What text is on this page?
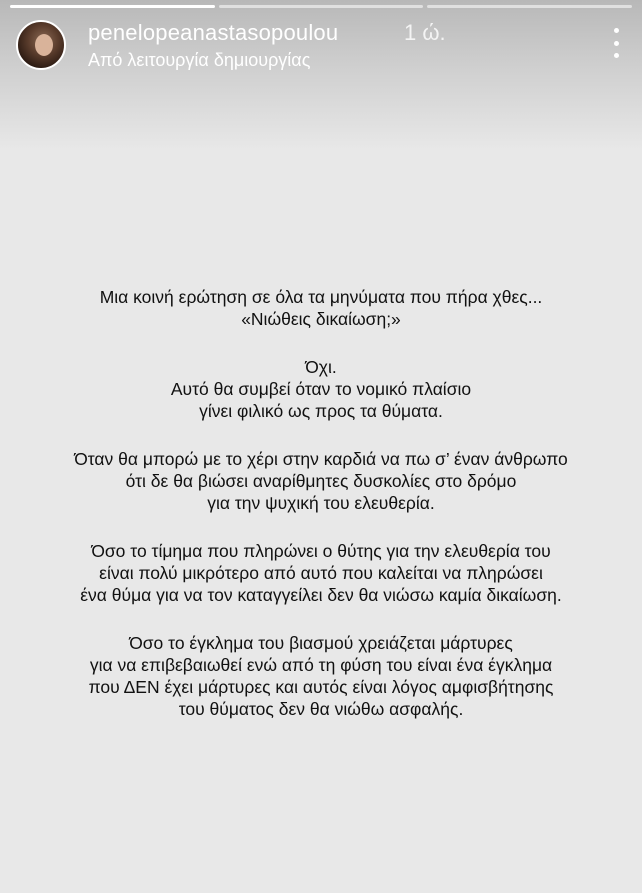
penelopeanastasopoulou	1 ώ.
Από λειτουργία δημιουργίας
Μια κοινή ερώτηση σε όλα τα μηνύματα που πήρα χθες...
«Νιώθεις δικαίωση;»
Όχι.
Αυτό θα συμβεί όταν το νομικό πλαίσιο
γίνει φιλικό ως προς τα θύματα.
Όταν θα μπορώ με το χέρι στην καρδιά να πω σ’ έναν άνθρωπο
ότι δε θα βιώσει αναρίθμητες δυσκολίες στο δρόμο
για την ψυχική του ελευθερία.
Όσο το τίμημα που πληρώνει ο θύτης για την ελευθερία του
είναι πολύ μικρότερο από αυτό που καλείται να πληρώσει
ένα θύμα για να τον καταγγείλει δεν θα νιώσω καμία δικαίωση.
Όσο το έγκλημα του βιασμού χρειάζεται μάρτυρες
για να επιβεβαιωθεί ενώ από τη φύση του είναι ένα έγκλημα
που ΔΕΝ έχει μάρτυρες και αυτός είναι λόγος αμφισβήτησης
του θύματος δεν θα νιώθω ασφαλής.
